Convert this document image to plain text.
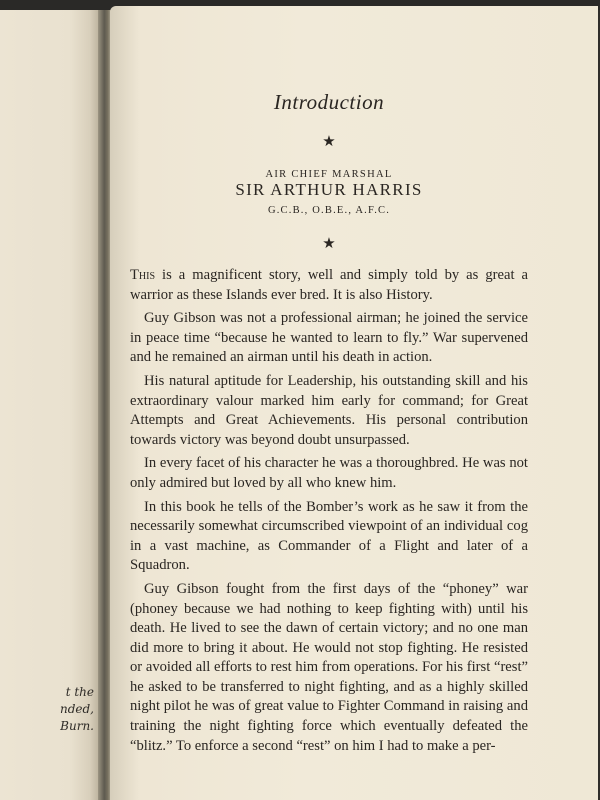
t the
nded,
Burn.
Introduction
★
AIR CHIEF MARSHAL
SIR ARTHUR HARRIS
G.C.B., O.B.E., A.F.C.
★

This is a magnificent story, well and simply told by as great a warrior as these Islands ever bred. It is also History.

Guy Gibson was not a professional airman; he joined the service in peace time “because he wanted to learn to fly.” War supervened and he remained an airman until his death in action.

His natural aptitude for Leadership, his outstanding skill and his extraordinary valour marked him early for command; for Great Attempts and Great Achievements. His personal contribution towards victory was beyond doubt unsurpassed.

In every facet of his character he was a thoroughbred. He was not only admired but loved by all who knew him.

In this book he tells of the Bomber’s work as he saw it from the necessarily somewhat circumscribed viewpoint of an individual cog in a vast machine, as Commander of a Flight and later of a Squadron.

Guy Gibson fought from the first days of the “phoney” war (phoney because we had nothing to keep fighting with) until his death. He lived to see the dawn of certain victory; and no one man did more to bring it about. He would not stop fighting. He resisted or avoided all efforts to rest him from operations. For his first “rest” he asked to be transferred to night fighting, and as a highly skilled night pilot he was of great value to Fighter Command in raising and training the night fighting force which eventually defeated the “blitz.” To enforce a second “rest” on him I had to make a per-
